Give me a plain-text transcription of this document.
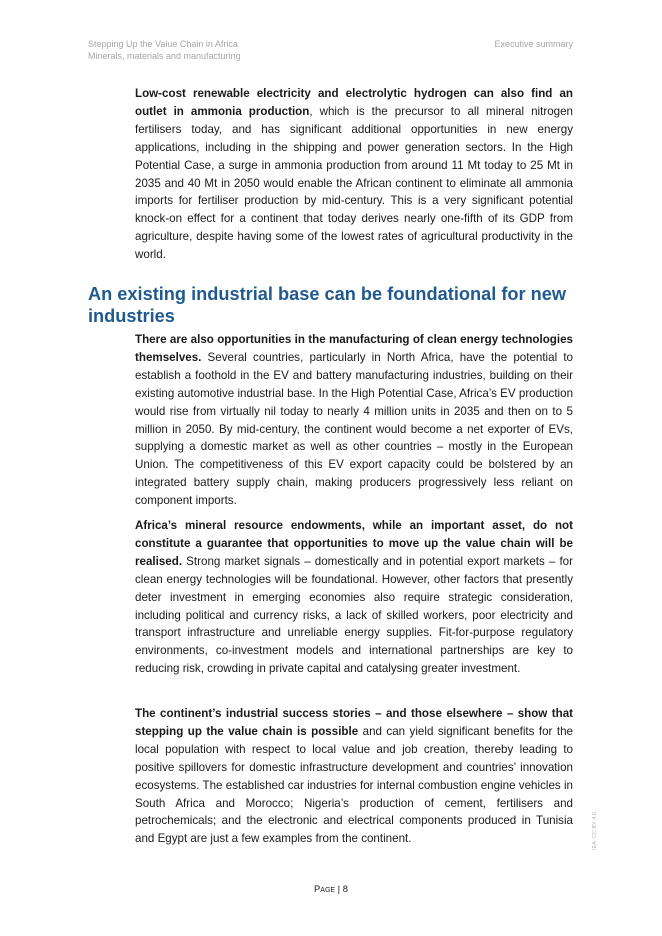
Stepping Up the Value Chain in Africa
Minerals, materials and manufacturing
Executive summary

Low-cost renewable electricity and electrolytic hydrogen can also find an outlet in ammonia production, which is the precursor to all mineral nitrogen fertilisers today, and has significant additional opportunities in new energy applications, including in the shipping and power generation sectors. In the High Potential Case, a surge in ammonia production from around 11 Mt today to 25 Mt in 2035 and 40 Mt in 2050 would enable the African continent to eliminate all ammonia imports for fertiliser production by mid-century. This is a very significant potential knock-on effect for a continent that today derives nearly one-fifth of its GDP from agriculture, despite having some of the lowest rates of agricultural productivity in the world.

An existing industrial base can be foundational for new industries

There are also opportunities in the manufacturing of clean energy technologies themselves. Several countries, particularly in North Africa, have the potential to establish a foothold in the EV and battery manufacturing industries, building on their existing automotive industrial base. In the High Potential Case, Africa’s EV production would rise from virtually nil today to nearly 4 million units in 2035 and then on to 5 million in 2050. By mid-century, the continent would become a net exporter of EVs, supplying a domestic market as well as other countries – mostly in the European Union. The competitiveness of this EV export capacity could be bolstered by an integrated battery supply chain, making producers progressively less reliant on component imports.

Africa’s mineral resource endowments, while an important asset, do not constitute a guarantee that opportunities to move up the value chain will be realised. Strong market signals – domestically and in potential export markets – for clean energy technologies will be foundational. However, other factors that presently deter investment in emerging economies also require strategic consideration, including political and currency risks, a lack of skilled workers, poor electricity and transport infrastructure and unreliable energy supplies. Fit-for-purpose regulatory environments, co-investment models and international partnerships are key to reducing risk, crowding in private capital and catalysing greater investment.

The continent’s industrial success stories – and those elsewhere – show that stepping up the value chain is possible and can yield significant benefits for the local population with respect to local value and job creation, thereby leading to positive spillovers for domestic infrastructure development and countries’ innovation ecosystems. The established car industries for internal combustion engine vehicles in South Africa and Morocco; Nigeria’s production of cement, fertilisers and petrochemicals; and the electronic and electrical components produced in Tunisia and Egypt are just a few examples from the continent.

Page | 8
IEA. CC BY 4.0.
